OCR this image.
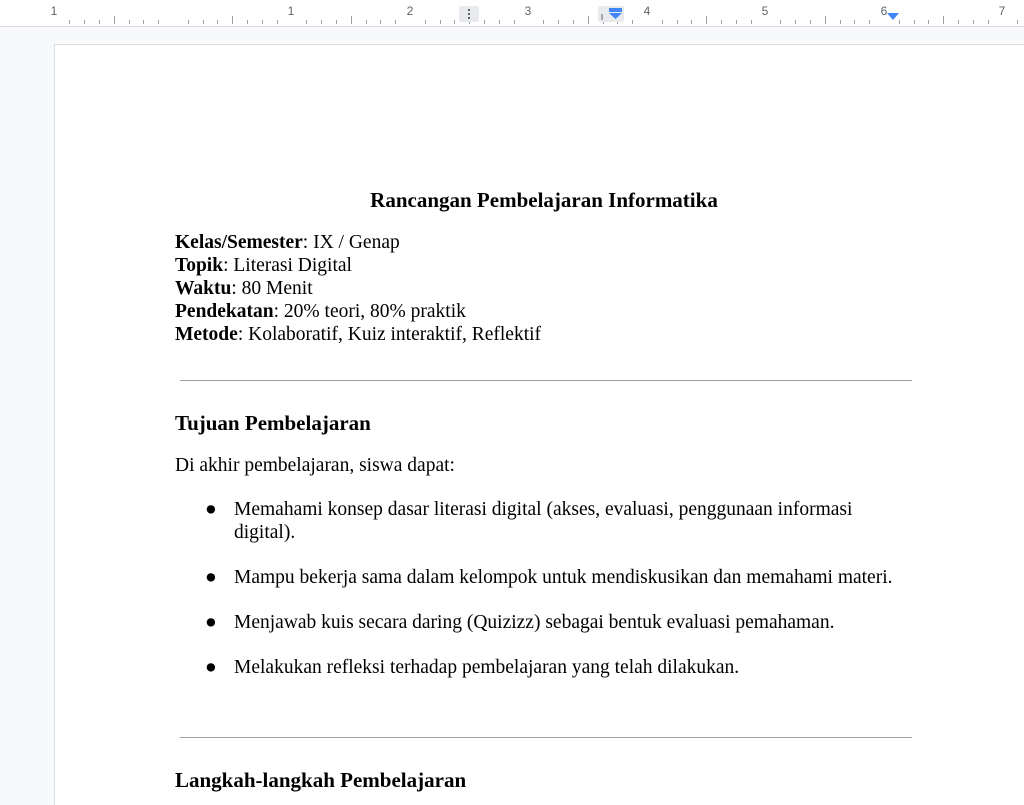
1	1	2	3	4	5	6	7
Rancangan Pembelajaran Informatika
Kelas/Semester: IX / Genap
Topik: Literasi Digital
Waktu: 80 Menit
Pendekatan: 20% teori, 80% praktik
Metode: Kolaboratif, Kuiz interaktif, Reflektif
Tujuan Pembelajaran
Di akhir pembelajaran, siswa dapat:
● Memahami konsep dasar literasi digital (akses, evaluasi, penggunaan informasi digital).
● Mampu bekerja sama dalam kelompok untuk mendiskusikan dan memahami materi.
● Menjawab kuis secara daring (Quizizz) sebagai bentuk evaluasi pemahaman.
● Melakukan refleksi terhadap pembelajaran yang telah dilakukan.
Langkah-langkah Pembelajaran
